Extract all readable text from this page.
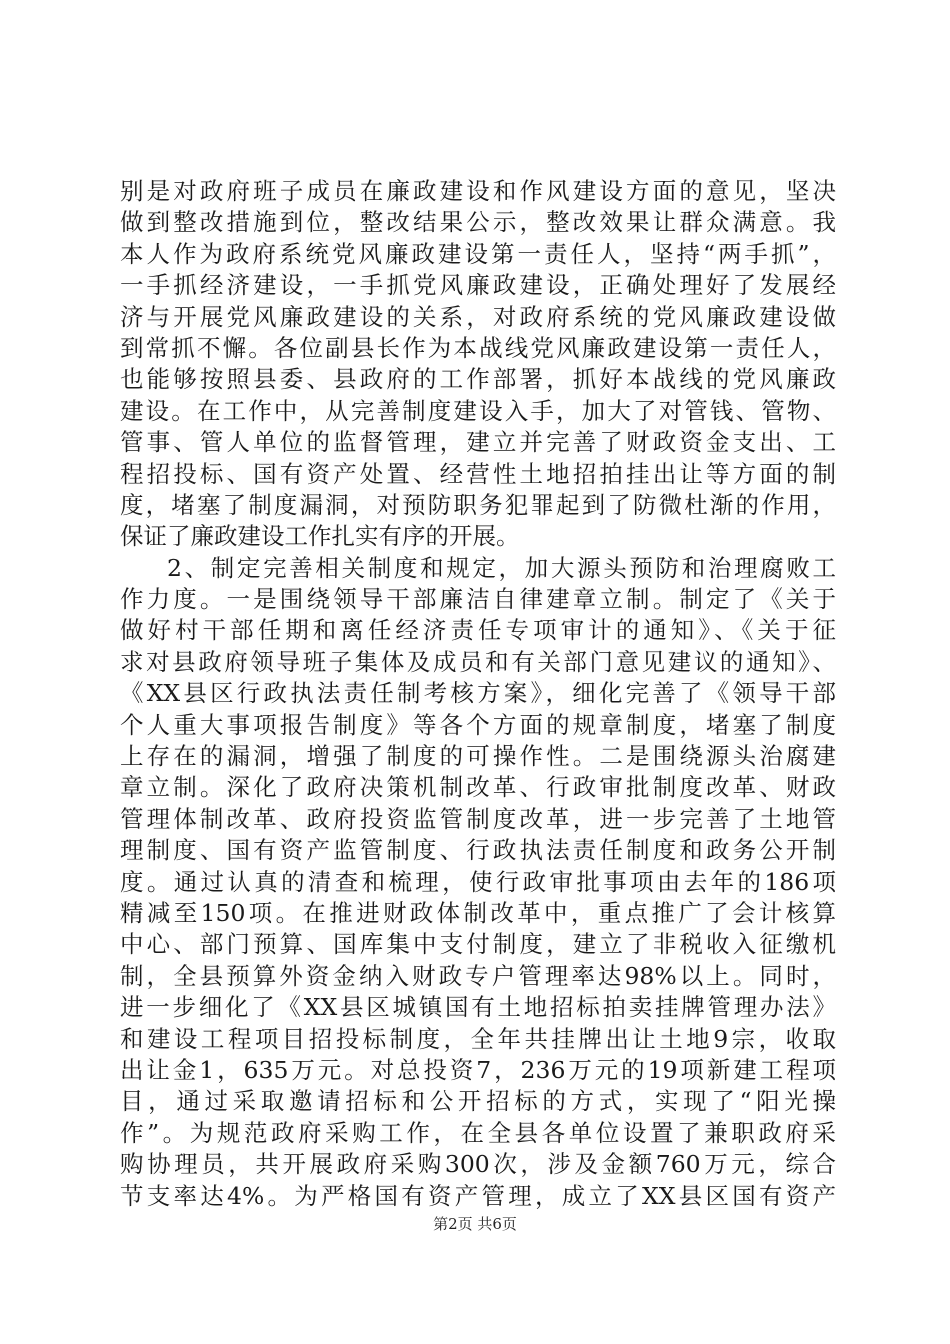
别是对政府班子成员在廉政建设和作风建设方面的意见，坚决
做到整改措施到位，整改结果公示，整改效果让群众满意。我
本人作为政府系统党风廉政建设第一责任人，坚持“两手抓”，
一手抓经济建设，一手抓党风廉政建设，正确处理好了发展经
济与开展党风廉政建设的关系，对政府系统的党风廉政建设做
到常抓不懈。各位副县长作为本战线党风廉政建设第一责任人，
也能够按照县委、县政府的工作部署，抓好本战线的党风廉政
建设。在工作中，从完善制度建设入手，加大了对管钱、管物、
管事、管人单位的监督管理，建立并完善了财政资金支出、工
程招投标、国有资产处置、经营性土地招拍挂出让等方面的制
度，堵塞了制度漏洞，对预防职务犯罪起到了防微杜渐的作用，
保证了廉政建设工作扎实有序的开展。
2、制定完善相关制度和规定，加大源头预防和治理腐败工
作力度。一是围绕领导干部廉洁自律建章立制。制定了《关于
做好村干部任期和离任经济责任专项审计的通知》、《关于征
求对县政府领导班子集体及成员和有关部门意见建议的通知》、
《XX县区行政执法责任制考核方案》，细化完善了《领导干部
个人重大事项报告制度》等各个方面的规章制度，堵塞了制度
上存在的漏洞，增强了制度的可操作性。二是围绕源头治腐建
章立制。深化了政府决策机制改革、行政审批制度改革、财政
管理体制改革、政府投资监管制度改革，进一步完善了土地管
理制度、国有资产监管制度、行政执法责任制度和政务公开制
度。通过认真的清查和梳理，使行政审批事项由去年的186项
精减至150项。在推进财政体制改革中，重点推广了会计核算
中心、部门预算、国库集中支付制度，建立了非税收入征缴机
制，全县预算外资金纳入财政专户管理率达98%以上。同时，
进一步细化了《XX县区城镇国有土地招标拍卖挂牌管理办法》
和建设工程项目招投标制度，全年共挂牌出让土地9宗，收取
出让金1，635万元。对总投资7，236万元的19项新建工程项
目，通过采取邀请招标和公开招标的方式，实现了“阳光操
作”。为规范政府采购工作，在全县各单位设置了兼职政府采
购协理员，共开展政府采购300次，涉及金额760万元，综合
节支率达4%。为严格国有资产管理，成立了XX县区国有资产
第2页 共6页
